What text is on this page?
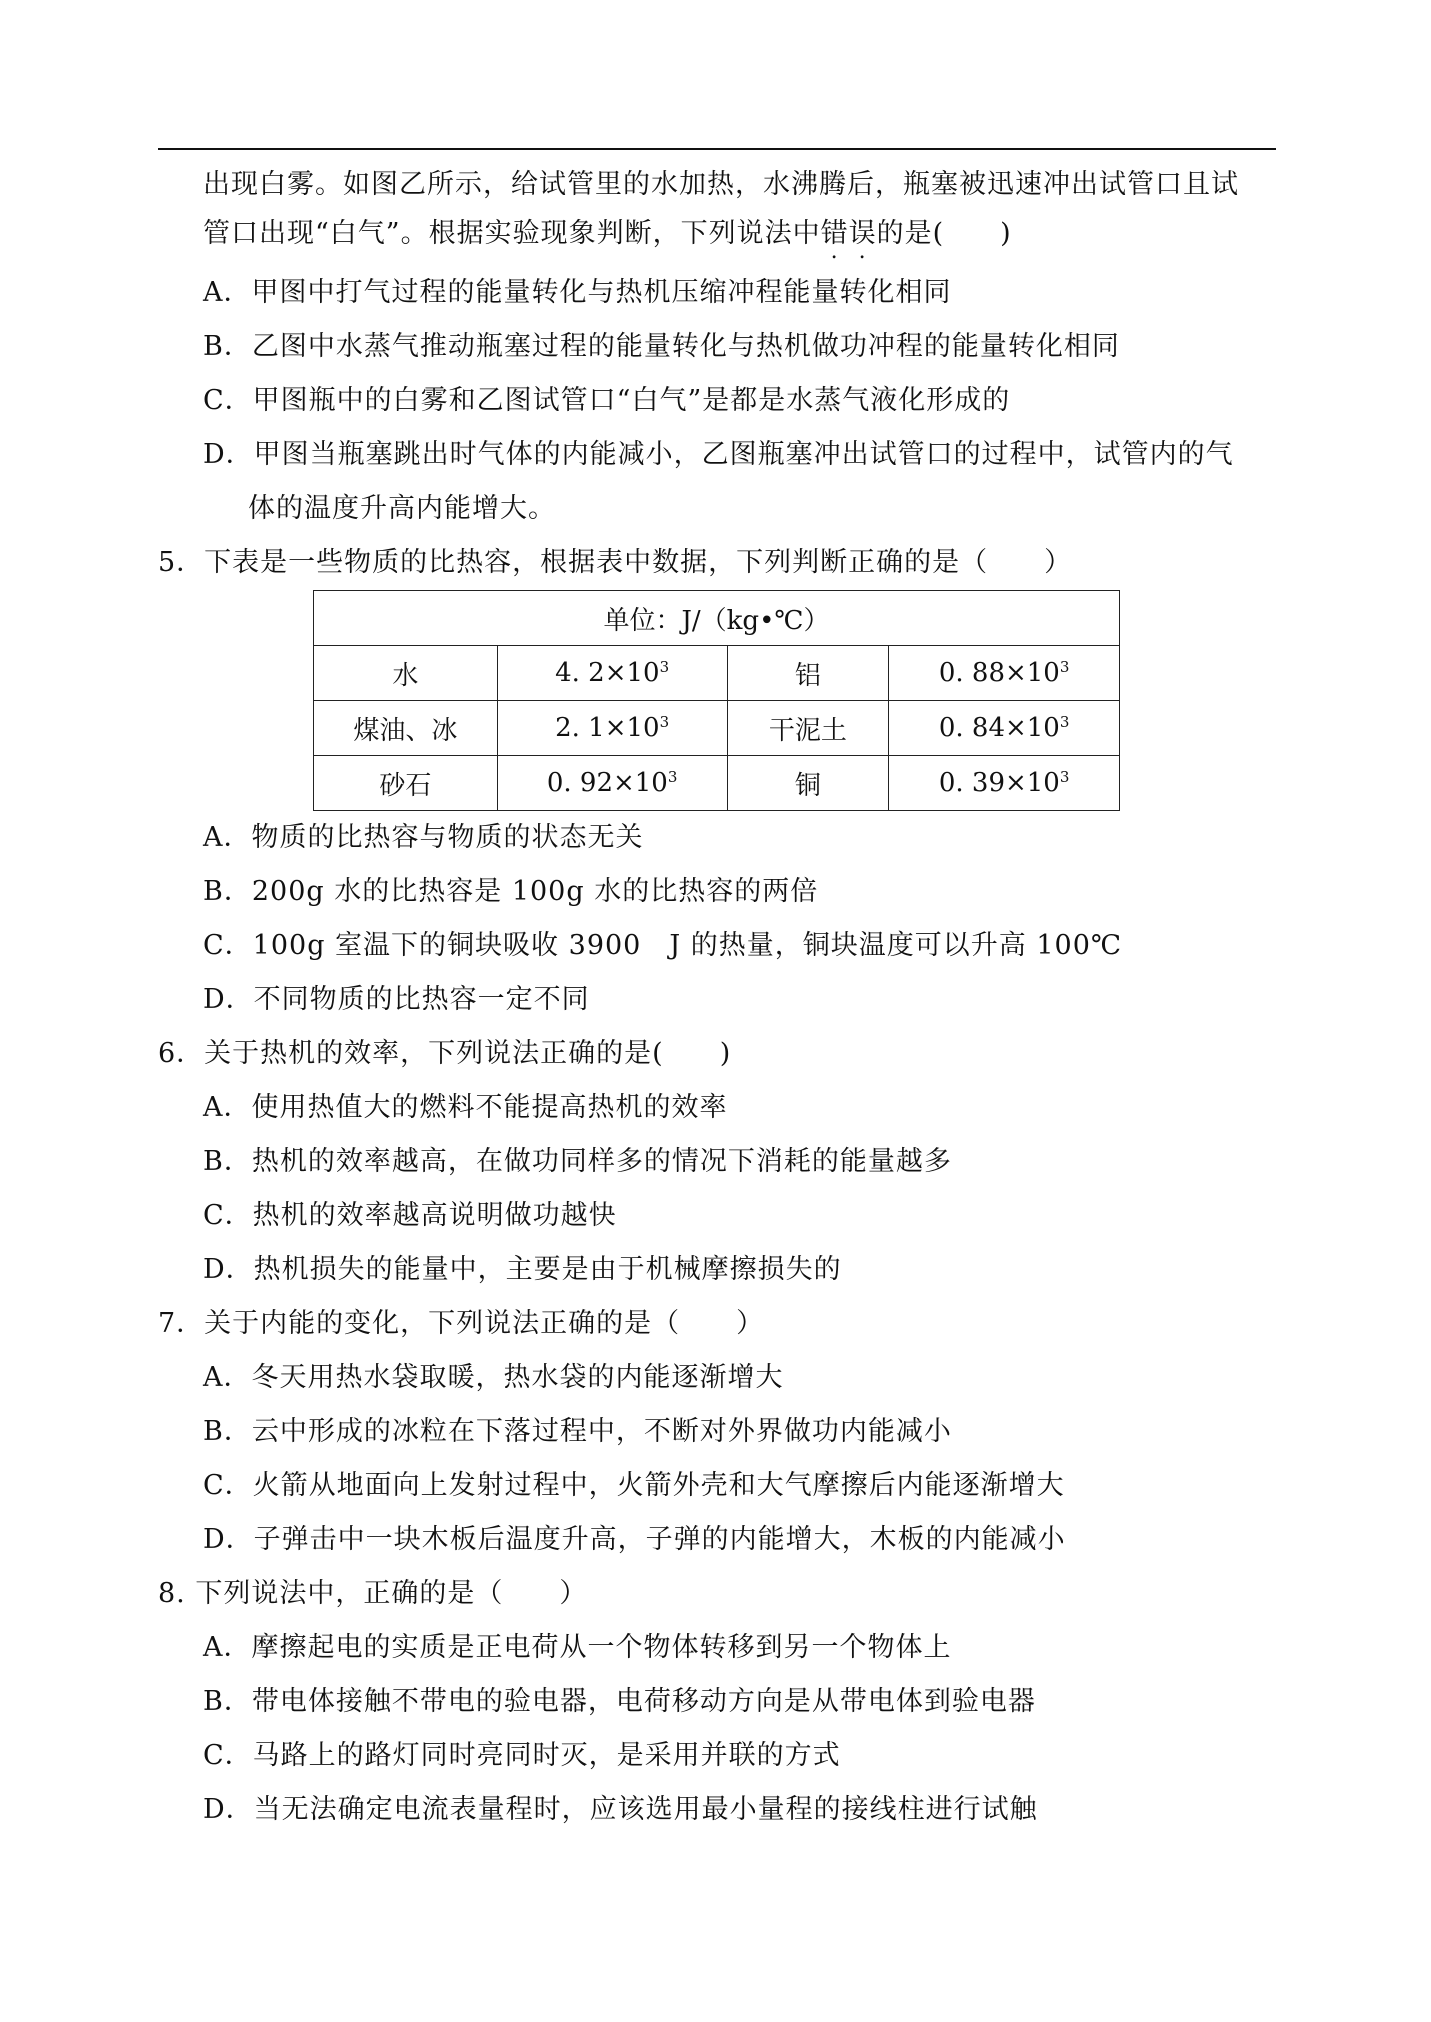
出现白雾。如图乙所示，给试管里的水加热，水沸腾后，瓶塞被迅速冲出试管口且试
管口出现“白气”。根据实验现象判断，下列说法中错误的是(　　)
A．甲图中打气过程的能量转化与热机压缩冲程能量转化相同
B．乙图中水蒸气推动瓶塞过程的能量转化与热机做功冲程的能量转化相同
C．甲图瓶中的白雾和乙图试管口“白气”是都是水蒸气液化形成的
D．甲图当瓶塞跳出时气体的内能减小，乙图瓶塞冲出试管口的过程中，试管内的气
体的温度升高内能增大。
5．下表是一些物质的比热容，根据表中数据，下列判断正确的是（　　）
单位：J/（kg•℃）			
水	4. $2\times 10^3$	铝	0. $88\times 10^3$
煤油、冰	2. $1\times 10^3$	干泥土	0. $84\times 10^3$
砂石	0. $92\times 10^3$	铜	0. $39\times 10^3$
A．物质的比热容与物质的状态无关
B．200g 水的比热容是 100g 水的比热容的两倍
C．100g 室温下的铜块吸收 3900　J 的热量，铜块温度可以升高 100℃
D．不同物质的比热容一定不同
6．关于热机的效率，下列说法正确的是(　　)
A．使用热值大的燃料不能提高热机的效率
B．热机的效率越高，在做功同样多的情况下消耗的能量越多
C．热机的效率越高说明做功越快
D．热机损失的能量中，主要是由于机械摩擦损失的
7．关于内能的变化，下列说法正确的是（　　）
A．冬天用热水袋取暖，热水袋的内能逐渐增大
B．云中形成的冰粒在下落过程中，不断对外界做功内能减小
C．火箭从地面向上发射过程中，火箭外壳和大气摩擦后内能逐渐增大
D．子弹击中一块木板后温度升高，子弹的内能增大，木板的内能减小
8. 下列说法中，正确的是（　　）
A．摩擦起电的实质是正电荷从一个物体转移到另一个物体上
B．带电体接触不带电的验电器，电荷移动方向是从带电体到验电器
C．马路上的路灯同时亮同时灭，是采用并联的方式
D．当无法确定电流表量程时，应该选用最小量程的接线柱进行试触
